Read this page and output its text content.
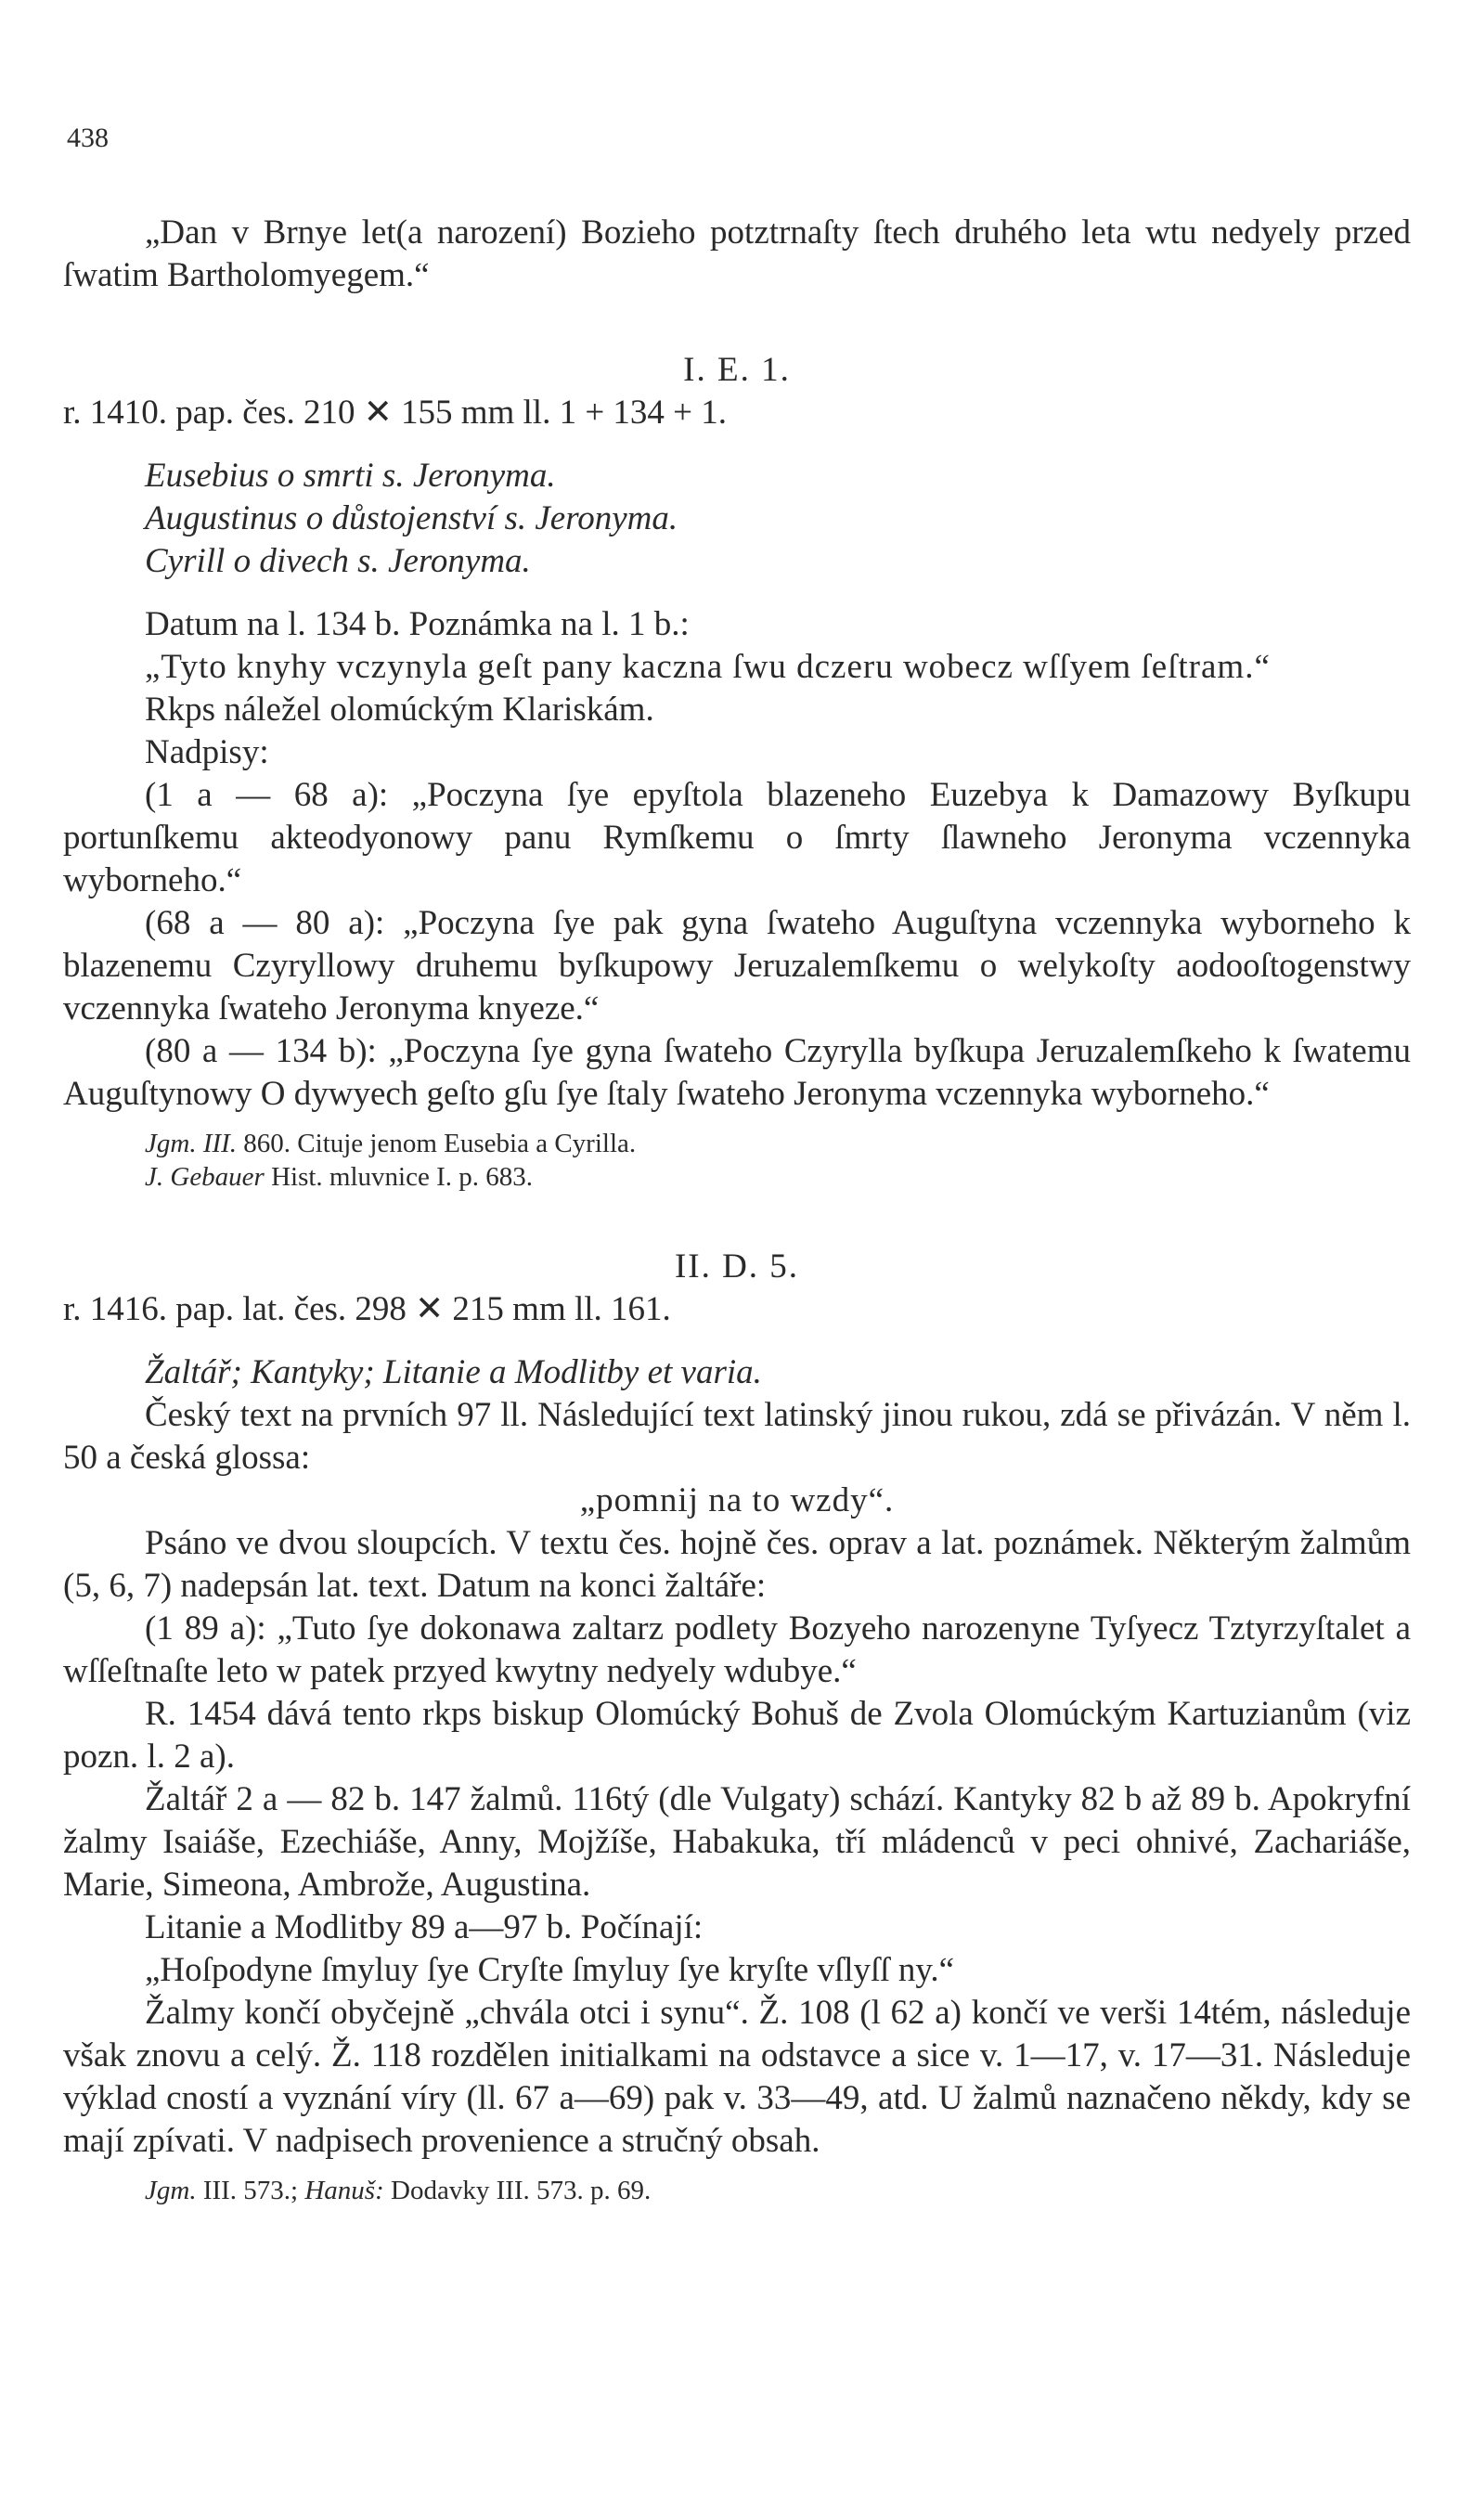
438

„Dan v Brnye let(a narození) Bozieho potztrnaſty ſtech druhého leta wtu nedyely przed ſwatim Bartholomyegem.“

I. E. 1.

r. 1410. pap. čes. 210 ✕ 155 mm ll. 1 + 134 + 1.

Eusebius o smrti s. Jeronyma.

Augustinus o důstojenství s. Jeronyma.

Cyrill o divech s. Jeronyma.

Datum na l. 134 b. Poznámka na l. 1 b.:

„Tyto knyhy vczynyla geſt pany kaczna ſwu dczeru wobecz wſſyem ſeſtram.“

Rkps náležel olomúckým Klariskám.

Nadpisy:

(1 a — 68 a): „Poczyna ſye epyſtola blazeneho Euzebya k Damazowy Byſkupu portunſkemu akteodyonowy panu Rymſkemu o ſmrty ſlawneho Jeronyma vczennyka wyborneho.“

(68 a — 80 a): „Poczyna ſye pak gyna ſwateho Auguſtyna vczennyka wyborneho k blazenemu Czyryllowy druhemu byſkupowy Jeruzalemſkemu o welykoſty aodooſtogenstwy vczennyka ſwateho Jeronyma knyeze.“

(80 a — 134 b): „Poczyna ſye gyna ſwateho Czyrylla byſkupa Jeruzalemſkeho k ſwatemu Auguſtynowy O dywyech geſto gſu ſye ſtaly ſwateho Jeronyma vczennyka wyborneho.“

Jgm. III. 860. Cituje jenom Eusebia a Cyrilla.

J. Gebauer Hist. mluvnice I. p. 683.

II. D. 5.

r. 1416. pap. lat. čes. 298 ✕ 215 mm ll. 161.

Žaltář; Kantyky; Litanie a Modlitby et varia.

Český text na prvních 97 ll. Následující text latinský jinou rukou, zdá se přivázán. V něm l. 50 a česká glossa:

„pomnij na to wzdy“.

Psáno ve dvou sloupcích. V textu čes. hojně čes. oprav a lat. poznámek. Některým žalmům (5, 6, 7) nadepsán lat. text. Datum na konci žaltáře:

(1 89 a): „Tuto ſye dokonawa zaltarz podlety Bozyeho narozenyne Tyſyecz Tztyrzyſtalet a wſſeſtnaſte leto w patek przyed kwytny nedyely wdubye.“

R. 1454 dává tento rkps biskup Olomúcký Bohuš de Zvola Olomúckým Kartuzianům (viz pozn. l. 2 a).

Žaltář 2 a — 82 b. 147 žalmů. 116tý (dle Vulgaty) schází. Kantyky 82 b až 89 b. Apokryfní žalmy Isaiáše, Ezechiáše, Anny, Mojžíše, Habakuka, tří mládenců v peci ohnivé, Zachariáše, Marie, Simeona, Ambrože, Augustina.

Litanie a Modlitby 89 a—97 b. Počínají:

„Hoſpodyne ſmyluy ſye Cryſte ſmyluy ſye kryſte vſlyſſ ny.“

Žalmy končí obyčejně „chvála otci i synu“. Ž. 108 (l 62 a) končí ve verši 14tém, následuje však znovu a celý. Ž. 118 rozdělen initialkami na odstavce a sice v. 1—17, v. 17—31. Následuje výklad cností a vyznání víry (ll. 67 a—69) pak v. 33—49, atd. U žalmů naznačeno někdy, kdy se mají zpívati. V nadpisech provenience a stručný obsah.

Jgm. III. 573.; Hanuš: Dodavky III. 573. p. 69.
